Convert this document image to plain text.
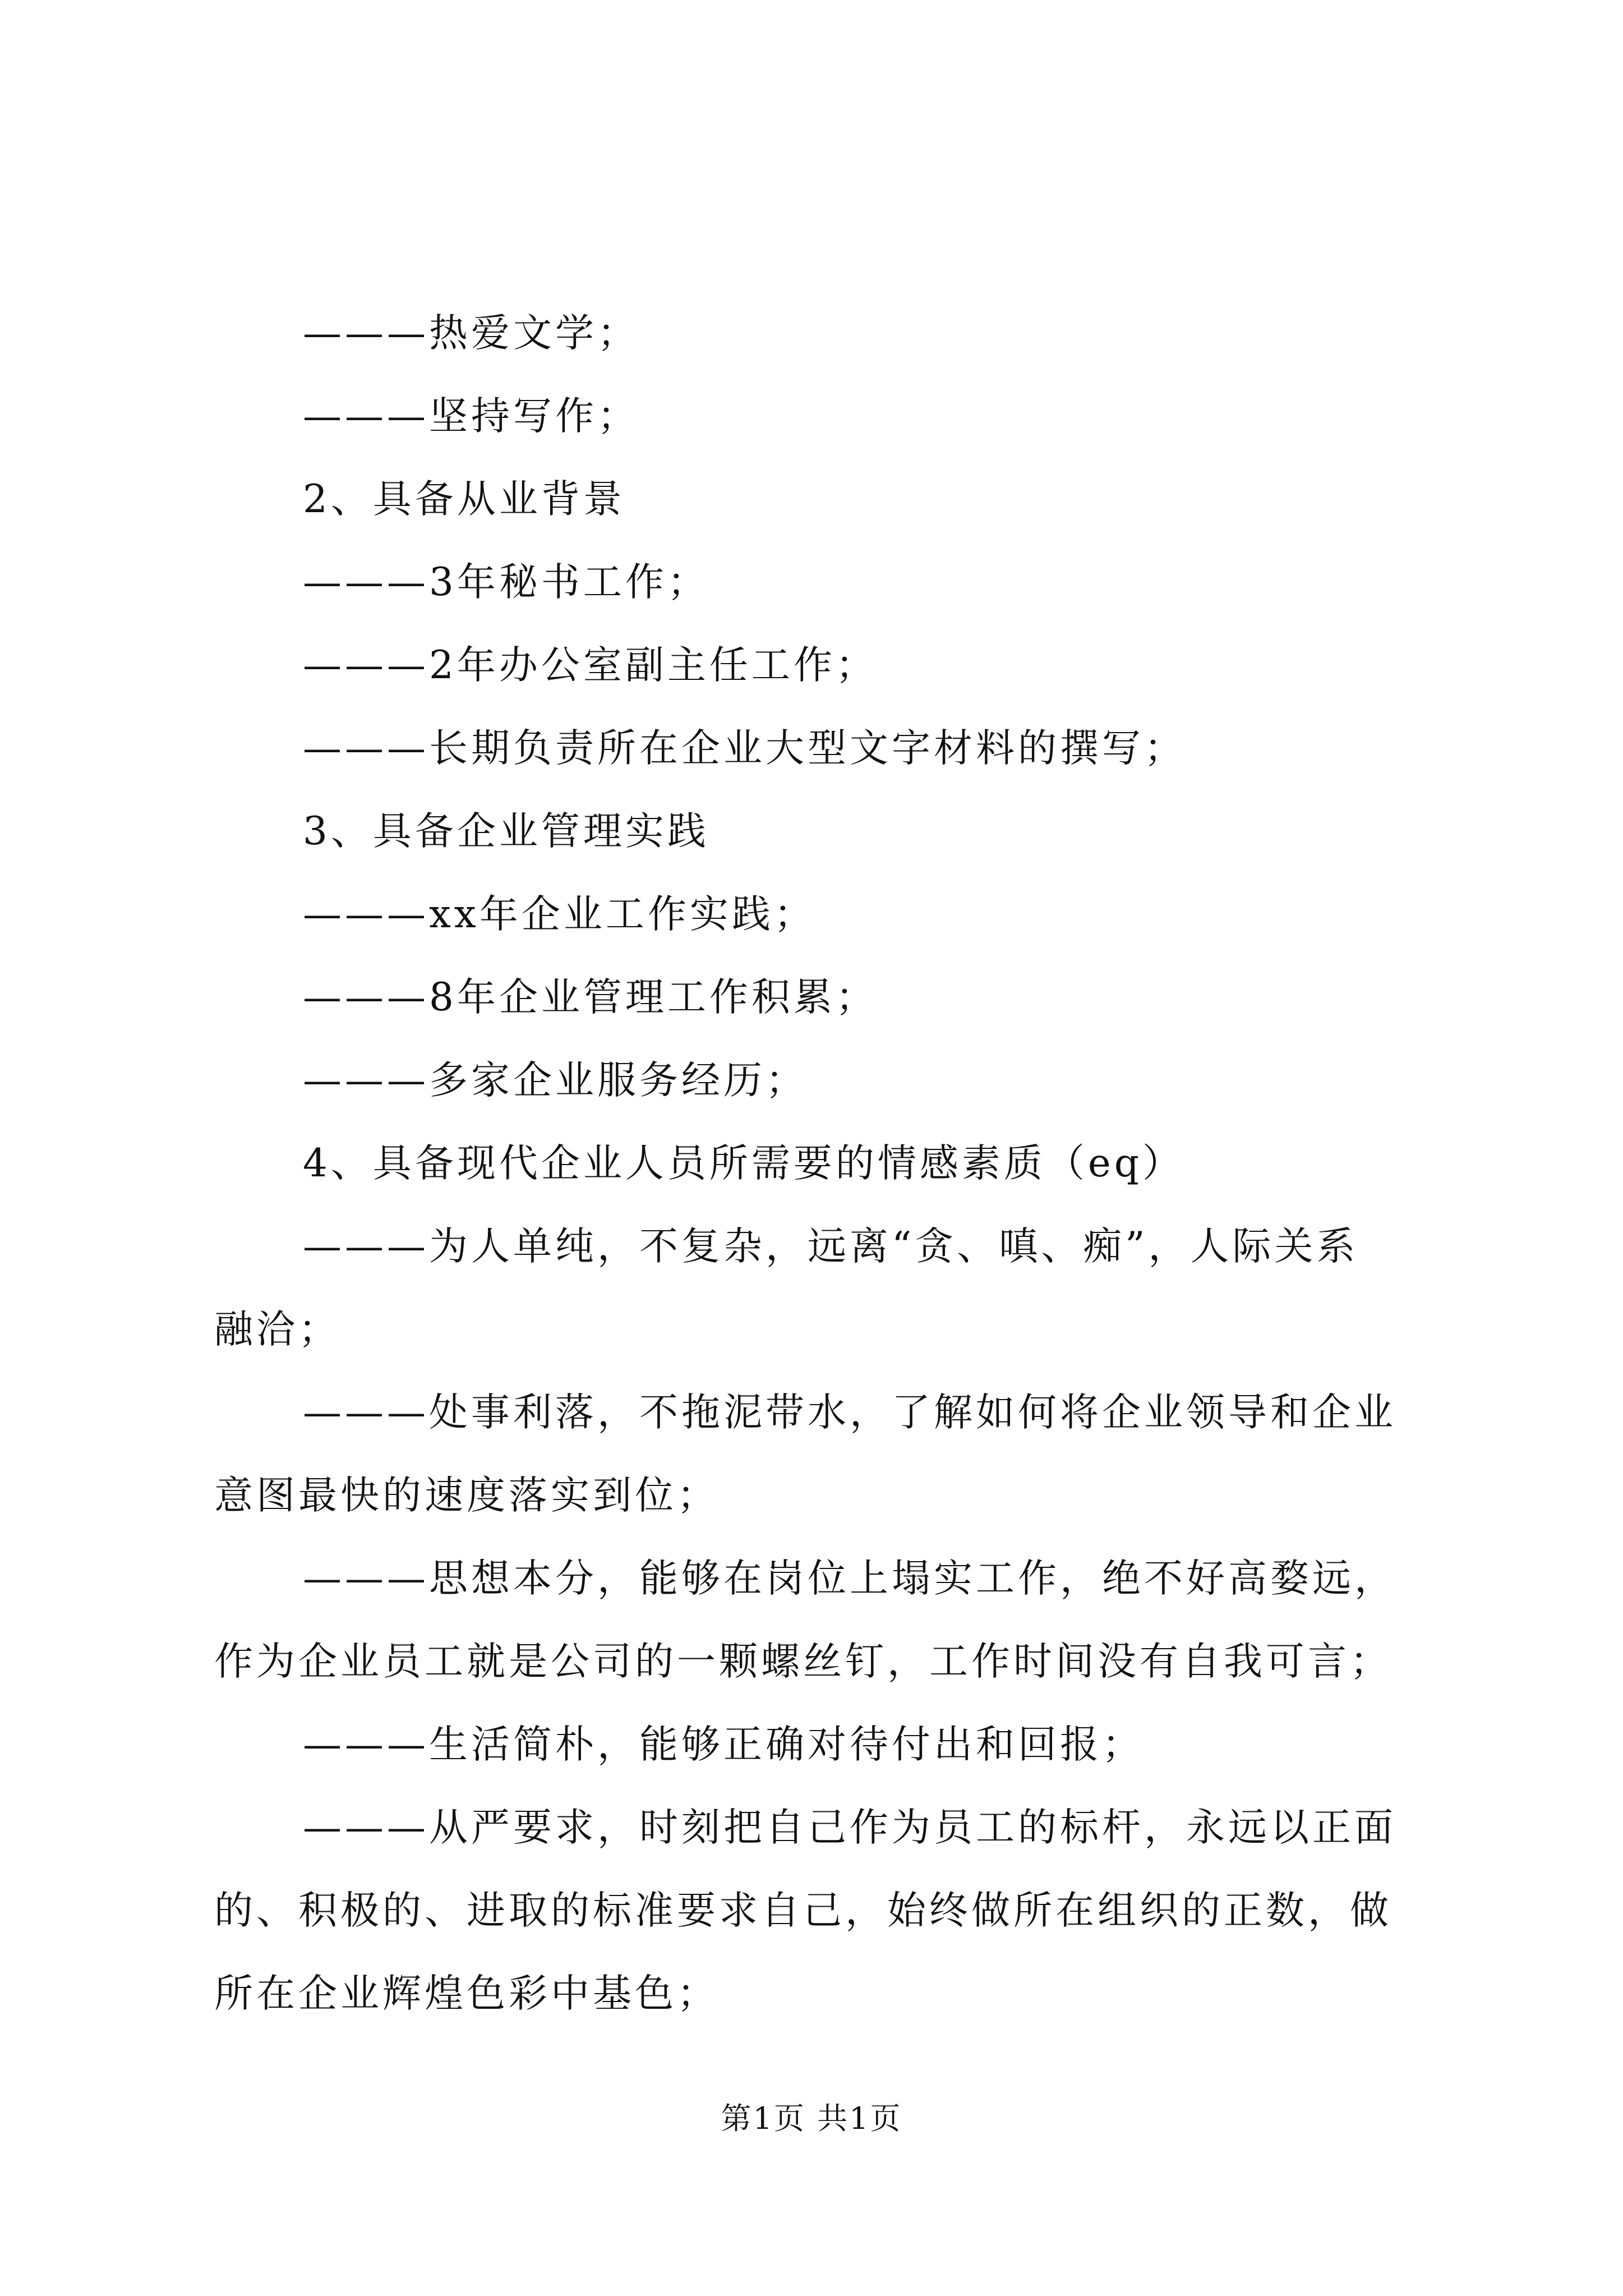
———热爱文学；
———坚持写作；
2、具备从业背景
———3年秘书工作；
———2年办公室副主任工作；
———长期负责所在企业大型文字材料的撰写；
3、具备企业管理实践
———xx年企业工作实践；
———8年企业管理工作积累；
———多家企业服务经历；
4、具备现代企业人员所需要的情感素质（eq）
———为人单纯，不复杂，远离“贪、嗔、痴”，人际关系
融洽；
———处事利落，不拖泥带水，了解如何将企业领导和企业
意图最快的速度落实到位；
———思想本分，能够在岗位上塌实工作，绝不好高婺远，
作为企业员工就是公司的一颗螺丝钉，工作时间没有自我可言；
———生活简朴，能够正确对待付出和回报；
———从严要求，时刻把自己作为员工的标杆，永远以正面
的、积极的、进取的标准要求自己，始终做所在组织的正数，做
所在企业辉煌色彩中基色；
第1页 共1页
